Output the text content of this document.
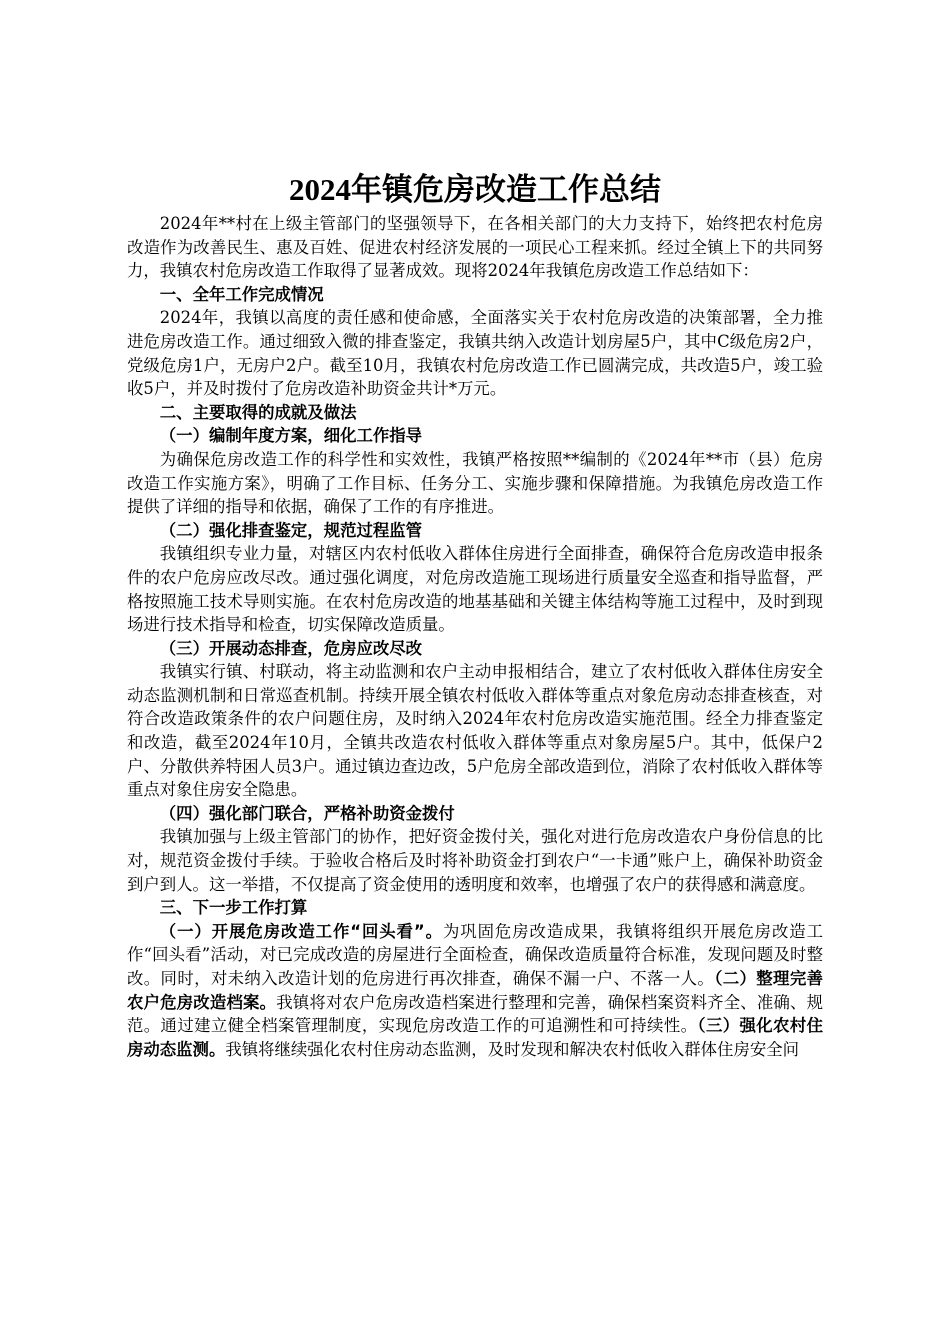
2024年镇危房改造工作总结

2024年**村在上级主管部门的坚强领导下，在各相关部门的大力支持下，始终把农村危房改造作为改善民生、惠及百姓、促进农村经济发展的一项民心工程来抓。经过全镇上下的共同努力，我镇农村危房改造工作取得了显著成效。现将2024年我镇危房改造工作总结如下：

一、全年工作完成情况

2024年，我镇以高度的责任感和使命感，全面落实关于农村危房改造的决策部署，全力推进危房改造工作。通过细致入微的排查鉴定，我镇共纳入改造计划房屋5户，其中C级危房2户，党级危房1户，无房户2户。截至10月，我镇农村危房改造工作已圆满完成，共改造5户，竣工验收5户，并及时拨付了危房改造补助资金共计*万元。

二、主要取得的成就及做法

（一）编制年度方案，细化工作指导

为确保危房改造工作的科学性和实效性，我镇严格按照**编制的《2024年**市（县）危房改造工作实施方案》，明确了工作目标、任务分工、实施步骤和保障措施。为我镇危房改造工作提供了详细的指导和依据，确保了工作的有序推进。

（二）强化排查鉴定，规范过程监管

我镇组织专业力量，对辖区内农村低收入群体住房进行全面排查，确保符合危房改造申报条件的农户危房应改尽改。通过强化调度，对危房改造施工现场进行质量安全巡查和指导监督，严格按照施工技术导则实施。在农村危房改造的地基基础和关键主体结构等施工过程中，及时到现场进行技术指导和检查，切实保障改造质量。

（三）开展动态排查，危房应改尽改

我镇实行镇、村联动，将主动监测和农户主动申报相结合，建立了农村低收入群体住房安全动态监测机制和日常巡查机制。持续开展全镇农村低收入群体等重点对象危房动态排查核查，对符合改造政策条件的农户问题住房，及时纳入2024年农村危房改造实施范围。经全力排查鉴定和改造，截至2024年10月，全镇共改造农村低收入群体等重点对象房屋5户。其中，低保户2户、分散供养特困人员3户。通过镇边查边改，5户危房全部改造到位，消除了农村低收入群体等重点对象住房安全隐患。

（四）强化部门联合，严格补助资金拨付

我镇加强与上级主管部门的协作，把好资金拨付关，强化对进行危房改造农户身份信息的比对，规范资金拨付手续。于验收合格后及时将补助资金打到农户“一卡通”账户上，确保补助资金到户到人。这一举措，不仅提高了资金使用的透明度和效率，也增强了农户的获得感和满意度。

三、下一步工作打算

（一）开展危房改造工作“回头看”。为巩固危房改造成果，我镇将组织开展危房改造工作“回头看”活动，对已完成改造的房屋进行全面检查，确保改造质量符合标准，发现问题及时整改。同时，对未纳入改造计划的危房进行再次排查，确保不漏一户、不落一人。（二）整理完善农户危房改造档案。我镇将对农户危房改造档案进行整理和完善，确保档案资料齐全、准确、规范。通过建立健全档案管理制度，实现危房改造工作的可追溯性和可持续性。（三）强化农村住房动态监测。我镇将继续强化农村住房动态监测，及时发现和解决农村低收入群体住房安全问
